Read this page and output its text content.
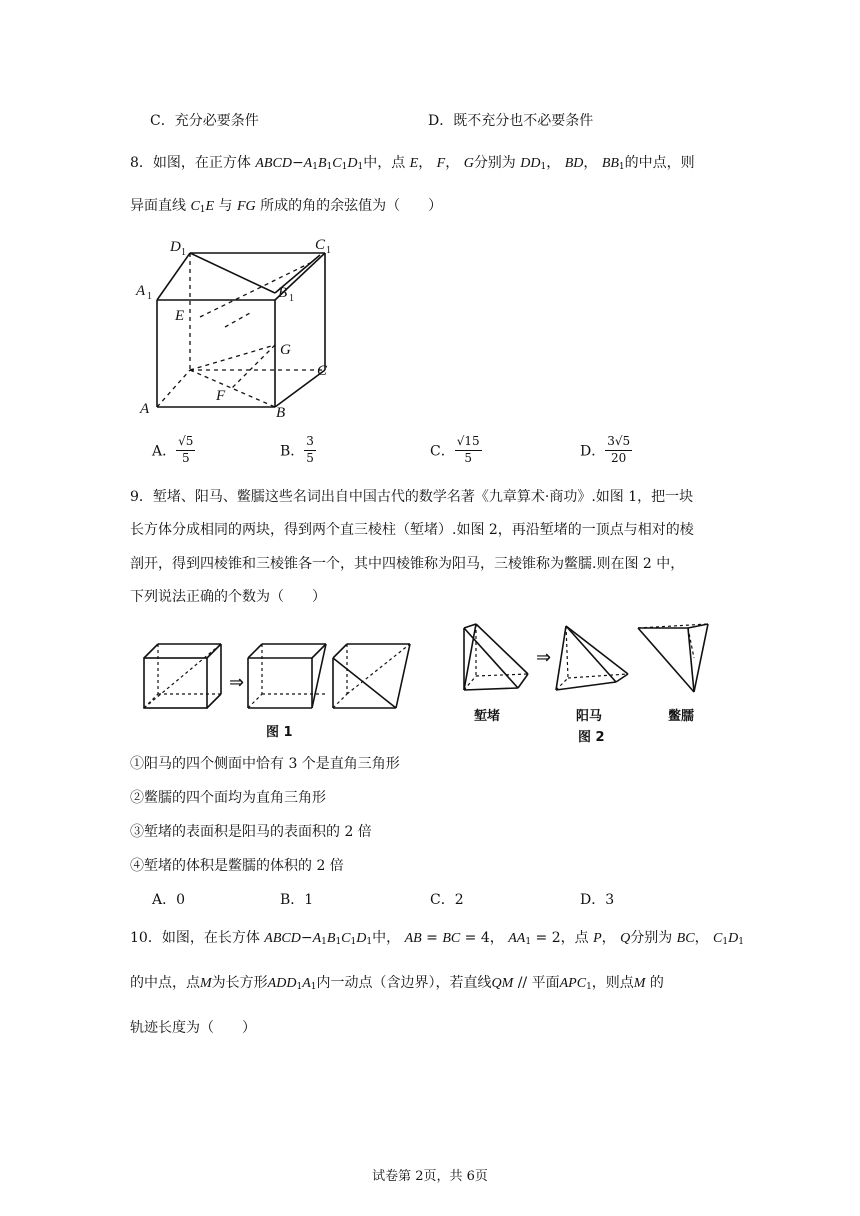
C．充分必要条件	D．既不充分也不必要条件
8．如图，在正方体 $ABCD-A_1B_1C_1D_1$中，点 E， F， G分别为 $DD_1$， BD， $BB_1$的中点，则
异面直线 $C_1E$ 与 FG 所成的角的余弦值为（　　）
D 1	C 1
A 1	B 1
E
G
C
A
F
B
A． $\frac{√5}{5}$	B． $\frac{3}{5}$	C． $\frac{√15}{5}$	D． $\frac{3√5}{20}$
9．堑堵、阳马、鳖臑这些名词出自中国古代的数学名著《九章算术·商功》.如图 1，把一块
长方体分成相同的两块，得到两个直三棱柱（堑堵）.如图 2，再沿堑堵的一顶点与相对的棱
剖开，得到四棱锥和三棱锥各一个，其中四棱锥称为阳马，三棱锥称为鳖臑.则在图 2 中，
下列说法正确的个数为（　　）
⇒
图 1
⇒
堑堵	阳马	鳖臑
图 2
①阳马的四个侧面中恰有 3 个是直角三角形
②鳖臑的四个面均为直角三角形
③堑堵的表面积是阳马的表面积的 2 倍
④堑堵的体积是鳖臑的体积的 2 倍
A．0	B．1	C．2	D．3
10．如图，在长方体 $ABCD-A_1B_1C_1D_1$中， AB = BC = 4， $AA_1 = 2$，点 P， Q分别为 BC， $C_1D_1$
的中点，点M为长方形$ADD_1A_1$内一动点（含边界），若直线QM // 平面$APC_1$，则点M 的
轨迹长度为（　　）
试卷第 2页，共 6页
